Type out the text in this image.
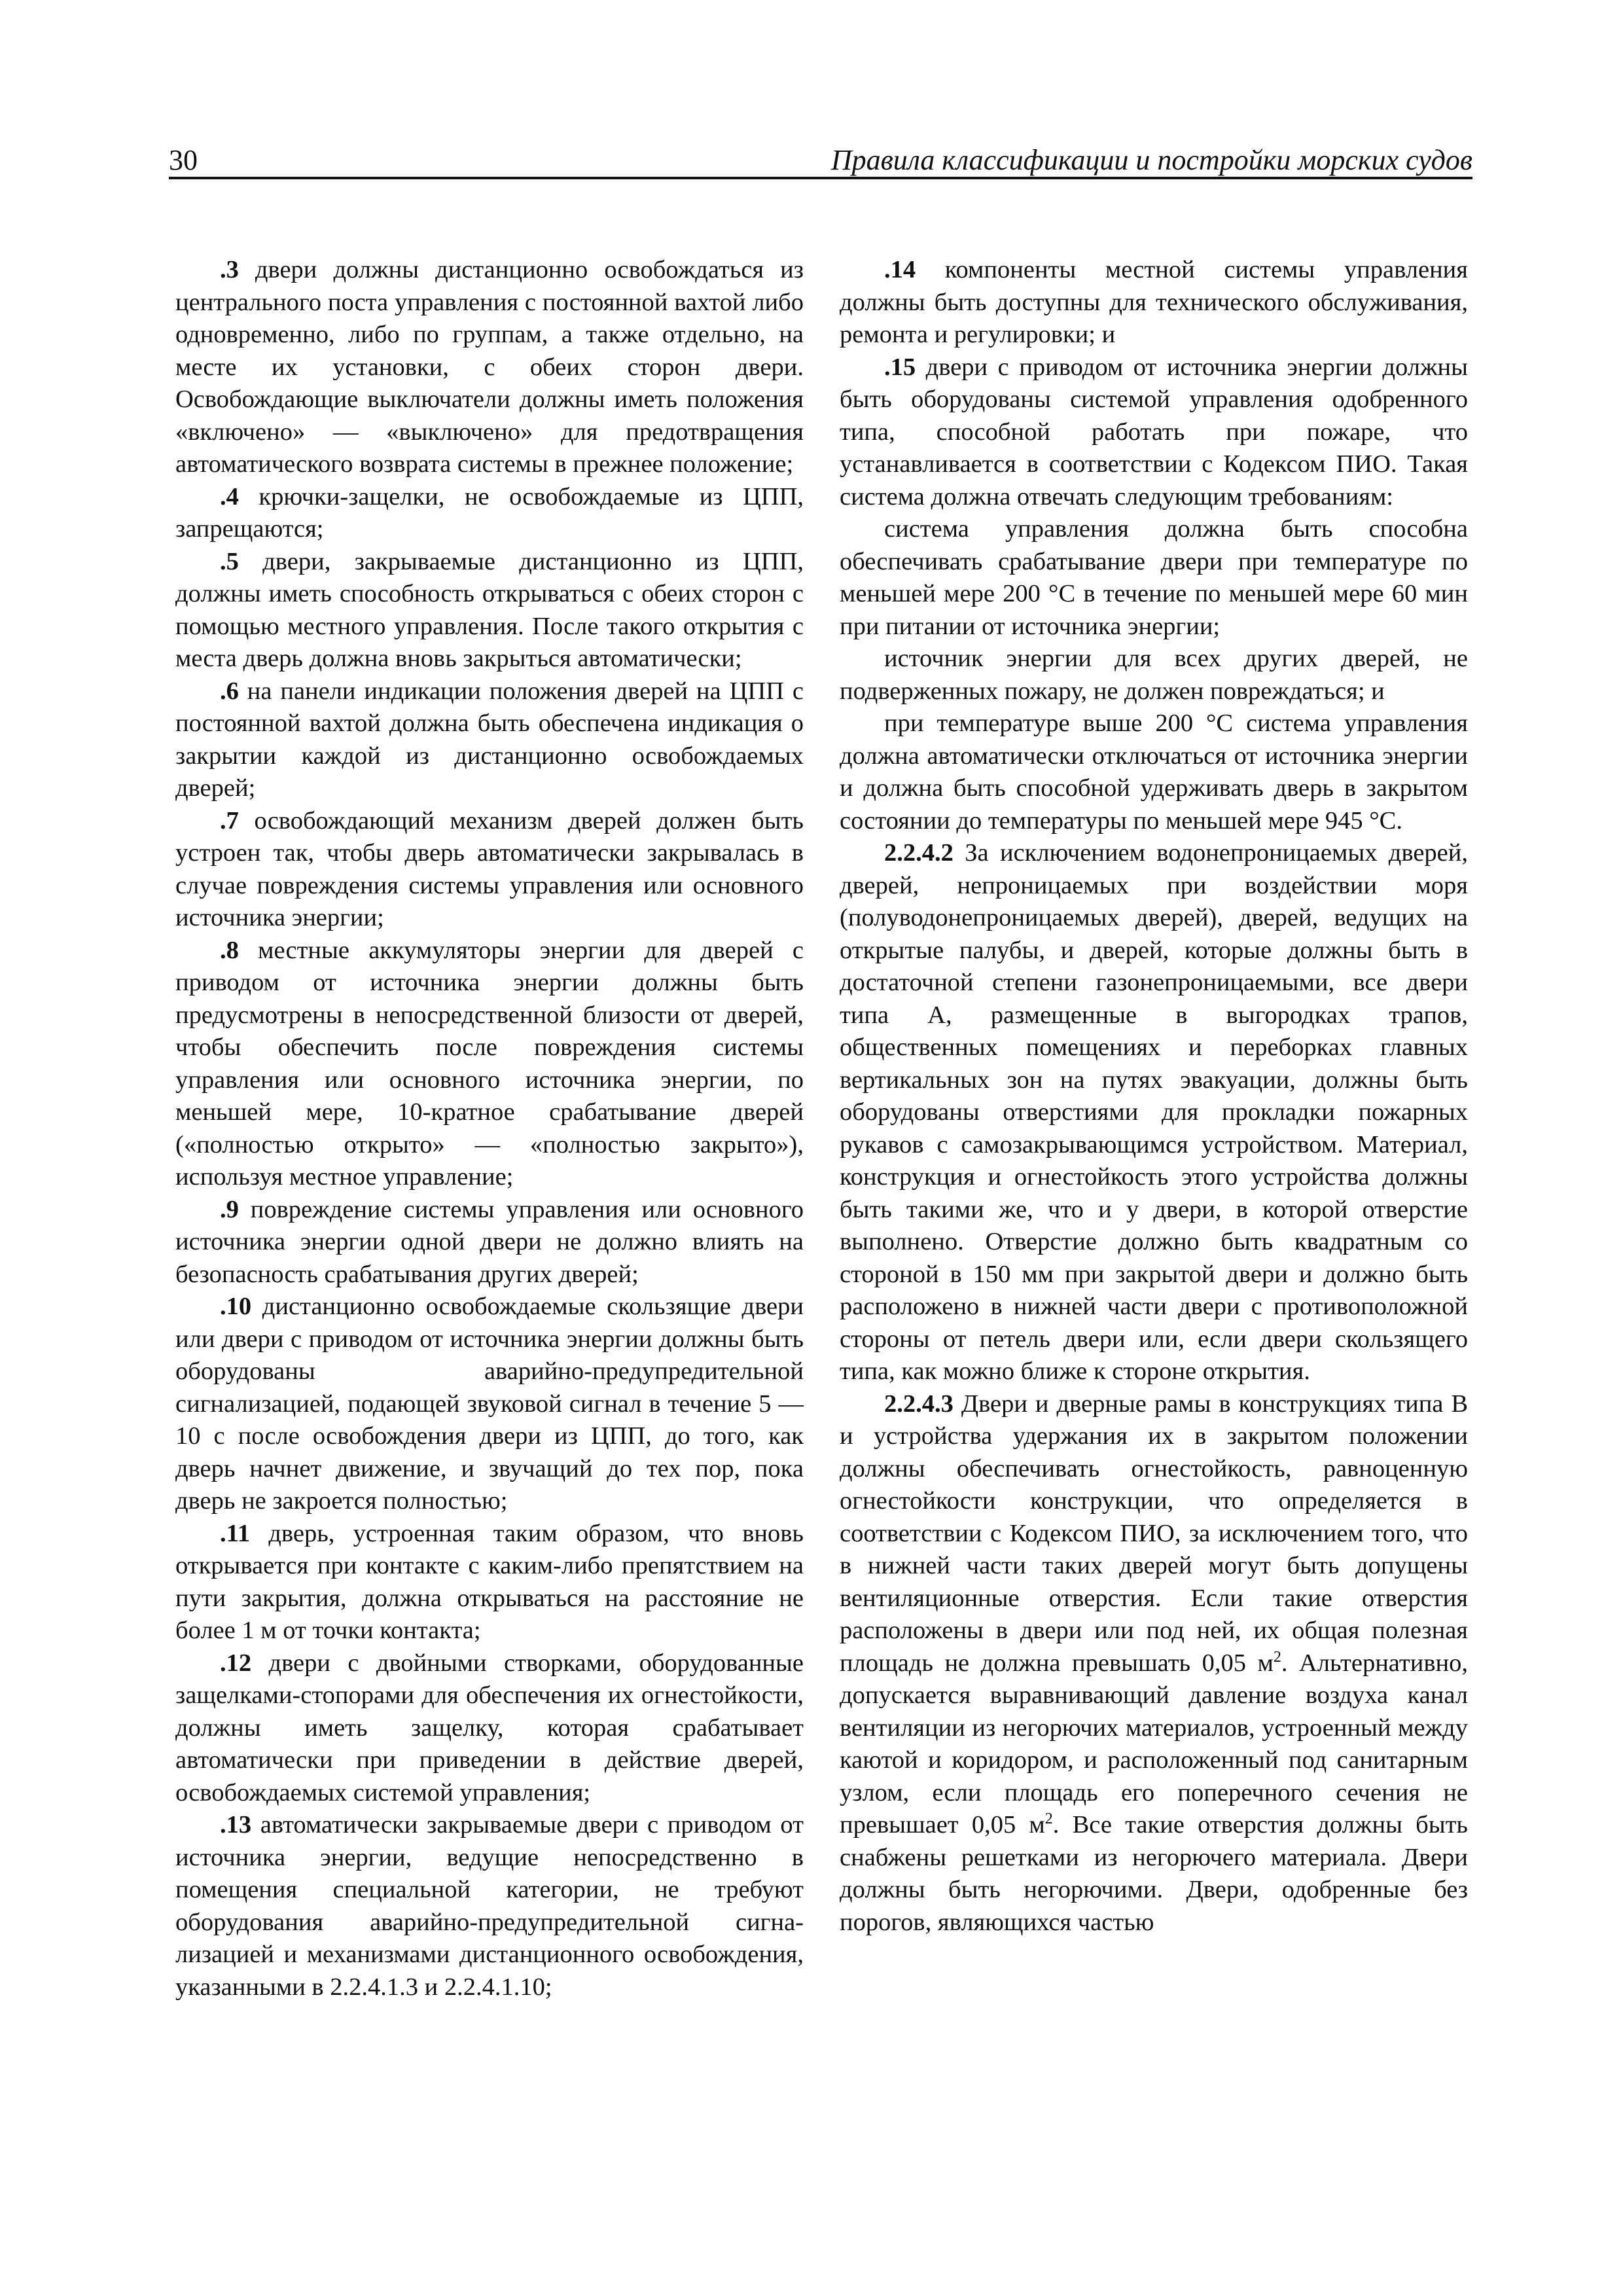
30	Правила классификации и постройки морских судов

.3 двери должны дистанционно освобождаться из центрального поста управления с постоянной вахтой либо одновременно, либо по группам, а также отдельно, на месте их установки, с обеих сторон двери. Освобождающие выключатели должны иметь положения «включено» — «выключено» для предотвращения автоматического возврата системы в прежнее положение;

.4 крючки-защелки, не освобождаемые из ЦПП, запрещаются;

.5 двери, закрываемые дистанционно из ЦПП, должны иметь способность открываться с обеих сторон с помощью местного управления. После такого открытия с места дверь должна вновь закрыться автоматически;

.6 на панели индикации положения дверей на ЦПП с постоянной вахтой должна быть обеспечена индикация о закрытии каждой из дистанционно освобождаемых дверей;

.7 освобождающий механизм дверей должен быть устроен так, чтобы дверь автоматически закрывалась в случае повреждения системы управления или основного источника энергии;

.8 местные аккумуляторы энергии для дверей с приводом от источника энергии должны быть предусмотрены в непосредственной близости от дверей, чтобы обеспечить после повреждения системы управления или основного источника энергии, по меньшей мере, 10-кратное срабатывание дверей («полностью открыто» — «полностью закрыто»), используя местное управление;

.9 повреждение системы управления или основного источника энергии одной двери не должно влиять на безопасность срабатывания других дверей;

.10 дистанционно освобождаемые скользящие двери или двери с приводом от источника энергии должны быть оборудованы аварийно-предупредительной сигнализацией, подающей звуковой сигнал в течение 5 — 10 с после освобождения двери из ЦПП, до того, как дверь начнет движение, и звучащий до тех пор, пока дверь не закроется полностью;

.11 дверь, устроенная таким образом, что вновь открывается при контакте с каким-либо препятствием на пути закрытия, должна открываться на расстояние не более 1 м от точки контакта;

.12 двери с двойными створками, оборудованные защелками-стопорами для обеспечения их огнестойкости, должны иметь защелку, которая срабатывает автоматически при приведении в действие дверей, освобождаемых системой управления;

.13 автоматически закрываемые двери с приводом от источника энергии, ведущие непосредственно в помещения специальной категории, не требуют оборудования аварийно-предупредительной сигнализацией и механизмами дистанционного освобождения, указанными в 2.2.4.1.3 и 2.2.4.1.10;

.14 компоненты местной системы управления должны быть доступны для технического обслуживания, ремонта и регулировки; и

.15 двери с приводом от источника энергии должны быть оборудованы системой управления одобренного типа, способной работать при пожаре, что устанавливается в соответствии с Кодексом ПИО. Такая система должна отвечать следующим требованиям:

система управления должна быть способна обеспечивать срабатывание двери при температуре по меньшей мере 200 °С в течение по меньшей мере 60 мин при питании от источника энергии;

источник энергии для всех других дверей, не подверженных пожару, не должен повреждаться; и

при температуре выше 200 °С система управления должна автоматически отключаться от источника энергии и должна быть способной удерживать дверь в закрытом состоянии до температуры по меньшей мере 945 °С.

2.2.4.2 За исключением водонепроницаемых дверей, дверей, непроницаемых при воздействии моря (полуводонепроницаемых дверей), дверей, ведущих на открытые палубы, и дверей, которые должны быть в достаточной степени газонепроницаемыми, все двери типа А, размещенные в выгородках трапов, общественных помещениях и переборках главных вертикальных зон на путях эвакуации, должны быть оборудованы отверстиями для прокладки пожарных рукавов с самозакрывающимся устройством. Материал, конструкция и огнестойкость этого устройства должны быть такими же, что и у двери, в которой отверстие выполнено. Отверстие должно быть квадратным со стороной в 150 мм при закрытой двери и должно быть расположено в нижней части двери с противоположной стороны от петель двери или, если двери скользящего типа, как можно ближе к стороне открытия.

2.2.4.3 Двери и дверные рамы в конструкциях типа В и устройства удержания их в закрытом положении должны обеспечивать огнестойкость, равноценную огнестойкости конструкции, что определяется в соответствии с Кодексом ПИО, за исключением того, что в нижней части таких дверей могут быть допущены вентиляционные отверстия. Если такие отверстия расположены в двери или под ней, их общая полезная площадь не должна превышать 0,05 $м^2$. Альтернативно, допускается выравнивающий давление воздуха канал вентиляции из негорючих материалов, устроенный между каютой и коридором, и расположенный под санитарным узлом, если площадь его поперечного сечения не превышает 0,05 $м^2$. Все такие отверстия должны быть снабжены решетками из негорючего материала. Двери должны быть негорючими. Двери, одобренные без порогов, являющихся частью
